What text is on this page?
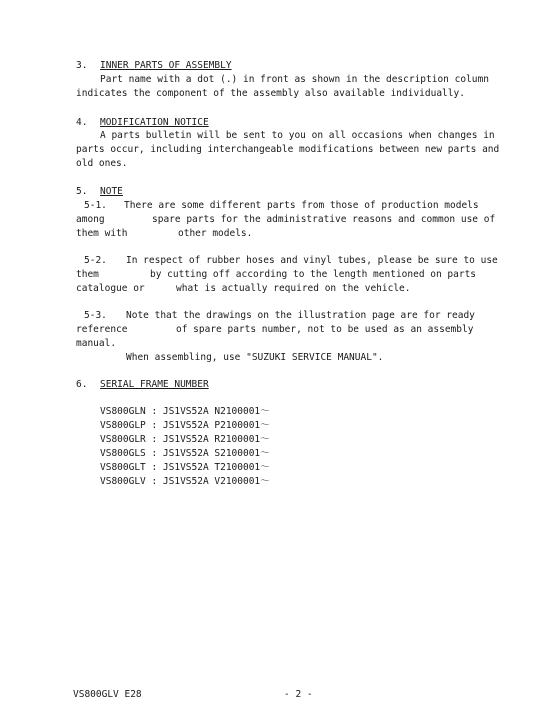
3. INNER PARTS OF ASSEMBLY
Part name with a dot (.) in front as shown in the description column
indicates the component of the assembly also available individually.
4. MODIFICATION NOTICE
A parts bulletin will be sent to you on all occasions when changes in
parts occur, including interchangeable modifications between new parts and
old ones.
5. NOTE
5-1. There are some different parts from those of production models
among	spare parts for the administrative reasons and common use of
them with	other models.
5-2. In respect of rubber hoses and vinyl tubes, please be sure to use
them	by cutting off according to the length mentioned on parts
catalogue or	what is actually required on the vehicle.
5-3. Note that the drawings on the illustration page are for ready
reference	of spare parts number, not to be used as an assembly
manual.
When assembling, use "SUZUKI SERVICE MANUAL".
6. SERIAL FRAME NUMBER
VS800GLN : JS1VS52A N2100001～
VS800GLP : JS1VS52A P2100001～
VS800GLR : JS1VS52A R2100001～
VS800GLS : JS1VS52A S2100001～
VS800GLT : JS1VS52A T2100001～
VS800GLV : JS1VS52A V2100001～
VS800GLV E28	- 2 -
